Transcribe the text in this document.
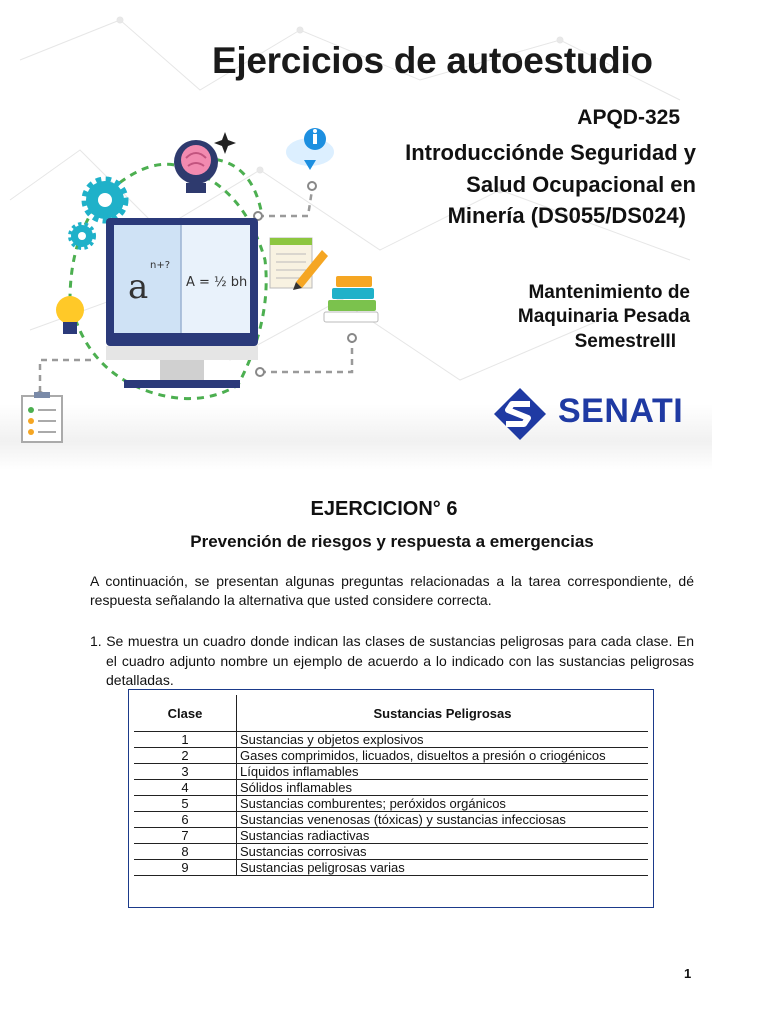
a
n+?
A = ½ bh
Ejercicios de autoestudio
APQD-325
Introducciónde Seguridad y
Salud Ocupacional en
Minería (DS055/DS024)
Mantenimiento de
Maquinaria Pesada
SemestreIII
SENATI
EJERCICION° 6
Prevención de riesgos y respuesta a emergencias
A continuación, se presentan algunas preguntas relacionadas a la tarea correspondiente, dé respuesta señalando la alternativa que usted considere correcta.
1. Se muestra un cuadro donde indican las clases de sustancias peligrosas para cada clase. En el cuadro adjunto nombre un ejemplo de acuerdo a lo indicado con las sustancias peligrosas detalladas.
Clase	Sustancias Peligrosas
1	Sustancias y objetos explosivos
2	Gases comprimidos, licuados, disueltos a presión o criogénicos
3	Líquidos inflamables
4	Sólidos inflamables
5	Sustancias comburentes; peróxidos orgánicos
6	Sustancias venenosas (tóxicas) y sustancias infecciosas
7	Sustancias radiactivas
8	Sustancias corrosivas
9	Sustancias peligrosas varias
1
